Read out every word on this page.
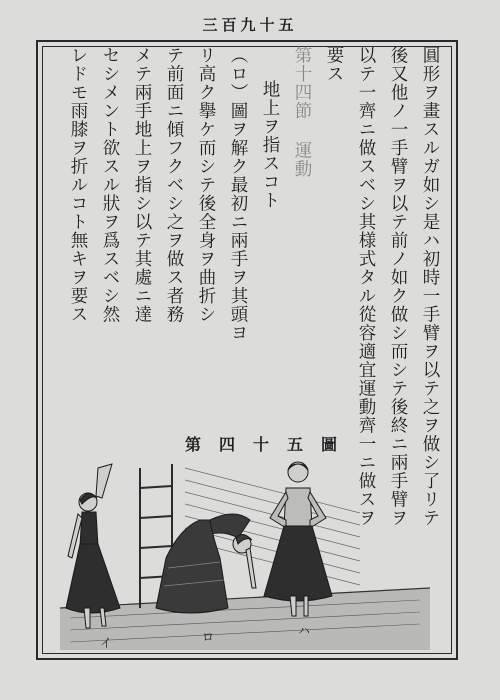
三百九十五
圓形ヲ畫スルガ如シ是ハ初時一手臂ヲ以テ之ヲ做シ了リテ
後又他ノ一手臂ヲ以テ前ノ如ク做シ而シテ後終ニ兩手臂ヲ
以テ一齊ニ做スベシ其様式タル從容適宜運動齊一ニ做スヲ
要ス
第十四節 運動
地上ヲ指スコト
（ロ）圖ヲ解ク最初ニ兩手ヲ其頭ヨ
リ高ク擧ケ而シテ後全身ヲ曲折シ
テ前面ニ傾フクベシ之ヲ做ス者務
メテ兩手地上ヲ指シ以テ其處ニ達
セシメント欲スル狀ヲ爲スベシ然
レドモ雨膝ヲ折ルコト無キヲ要ス
第四十五圖
イ	ロ	ハ
